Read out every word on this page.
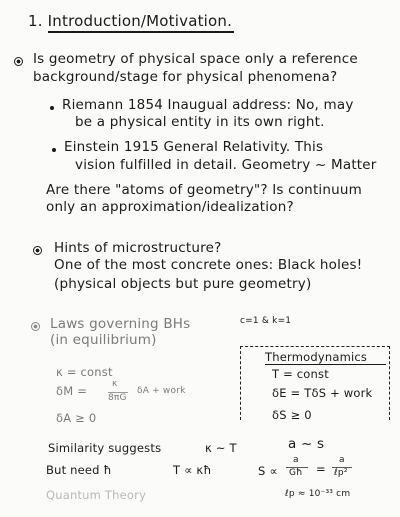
1. Introduction/Motivation.
Is geometry of physical space only a reference
background/stage for physical phenomena?
Riemann 1854 Inaugual address: No, may
be a physical entity in its own right.
Einstein 1915 General Relativity. This
vision fulfilled in detail. Geometry ~ Matter
Are there "atoms of geometry"? Is continuum
only an approximation/idealization?
Hints of microstructure?
One of the most concrete ones: Black holes!
(physical objects but pure geometry)
Laws governing BHs
(in equilibrium)
c=1 & k=1
κ = const
δM =	κ
8πG
δA + work
δA ≥ 0
Thermodynamics
T = const
δE = TδS + work
δS ≥ 0
Similarity suggests	κ ~ T	a ~ s
But need ħ	T ∝ κħ	S ∝
a
Għ =
a
ℓp²
Quantum Theory	ℓp ≈ 10⁻³³ cm
